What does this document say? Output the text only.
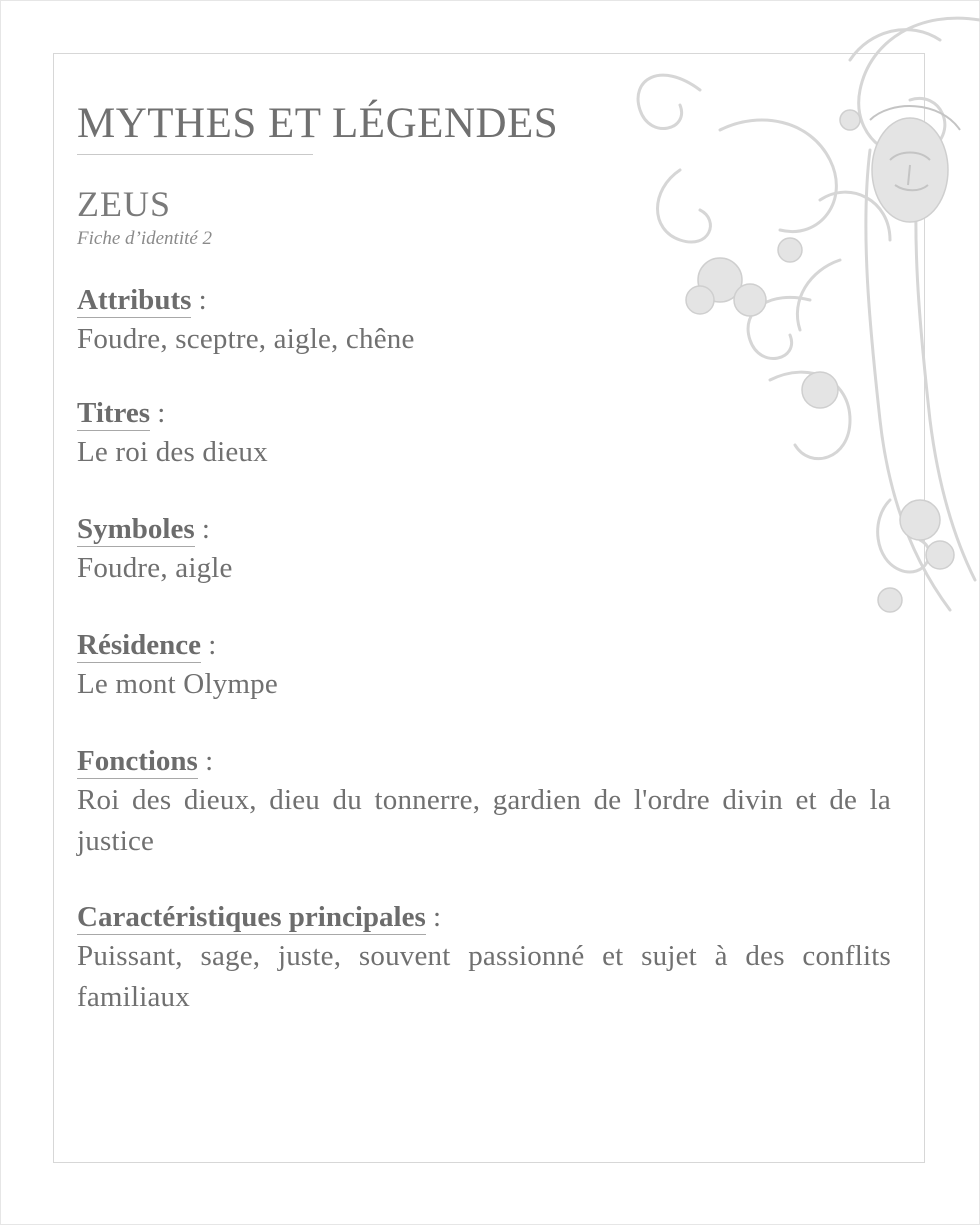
MYTHES ET LÉGENDES
ZEUS
Fiche d’identité 2
Attributs :
Foudre, sceptre, aigle, chêne
Titres :
Le roi des dieux
Symboles :
Foudre, aigle
Résidence :
Le mont Olympe
Fonctions :
Roi des dieux, dieu du tonnerre, gardien de l'ordre divin et de la justice
Caractéristiques principales :
Puissant, sage, juste, souvent passionné et sujet à des conflits familiaux
